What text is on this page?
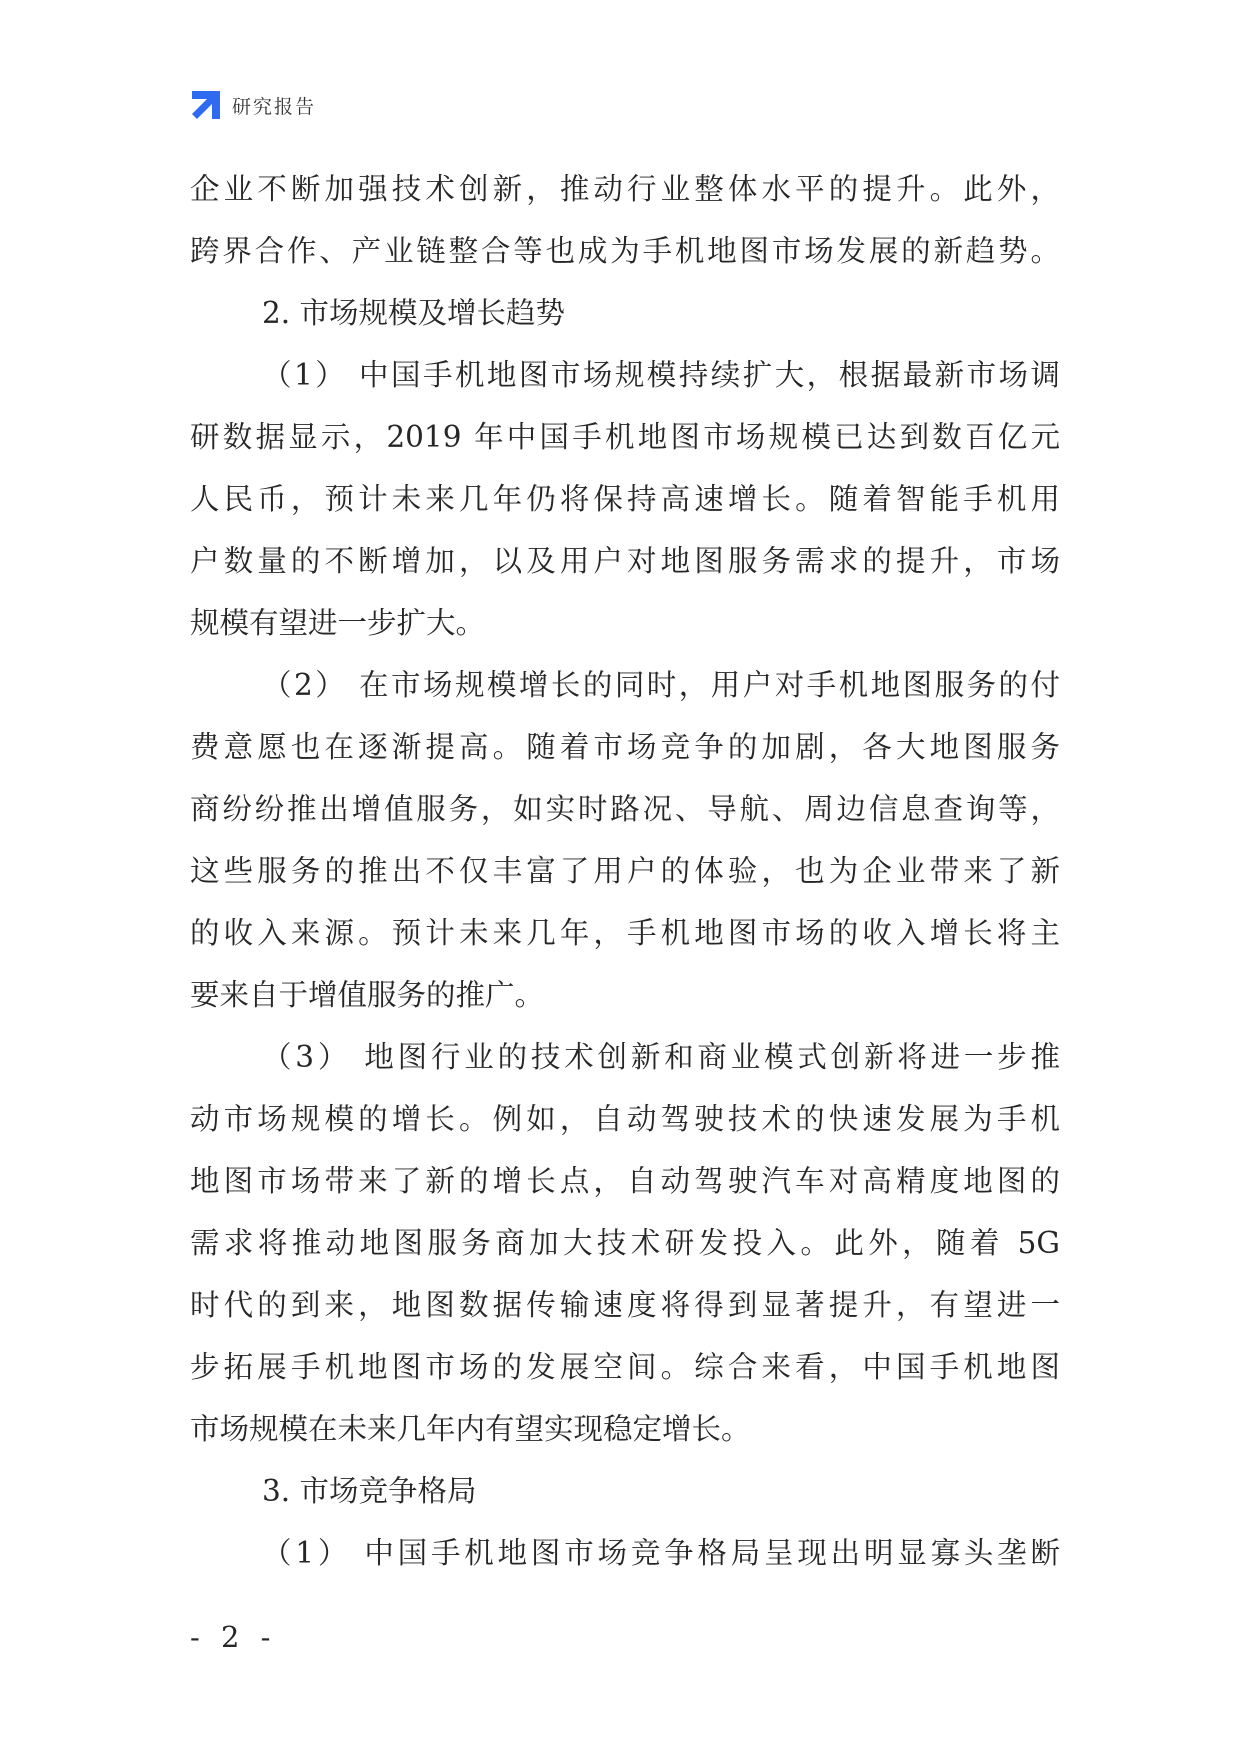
研究报告
企业不断加强技术创新，推动行业整体水平的提升。此外，
跨界合作、产业链整合等也成为手机地图市场发展的新趋势。
2. 市场规模及增长趋势
（1） 中国手机地图市场规模持续扩大，根据最新市场调
研数据显示，2019 年中国手机地图市场规模已达到数百亿元
人民币，预计未来几年仍将保持高速增长。随着智能手机用
户数量的不断增加，以及用户对地图服务需求的提升，市场
规模有望进一步扩大。
（2） 在市场规模增长的同时，用户对手机地图服务的付
费意愿也在逐渐提高。随着市场竞争的加剧，各大地图服务
商纷纷推出增值服务，如实时路况、导航、周边信息查询等，
这些服务的推出不仅丰富了用户的体验，也为企业带来了新
的收入来源。预计未来几年，手机地图市场的收入增长将主
要来自于增值服务的推广。
（3） 地图行业的技术创新和商业模式创新将进一步推
动市场规模的增长。例如，自动驾驶技术的快速发展为手机
地图市场带来了新的增长点，自动驾驶汽车对高精度地图的
需求将推动地图服务商加大技术研发投入。此外，随着 5G
时代的到来，地图数据传输速度将得到显著提升，有望进一
步拓展手机地图市场的发展空间。综合来看，中国手机地图
市场规模在未来几年内有望实现稳定增长。
3. 市场竞争格局
（1） 中国手机地图市场竞争格局呈现出明显寡头垄断
- 2 -
